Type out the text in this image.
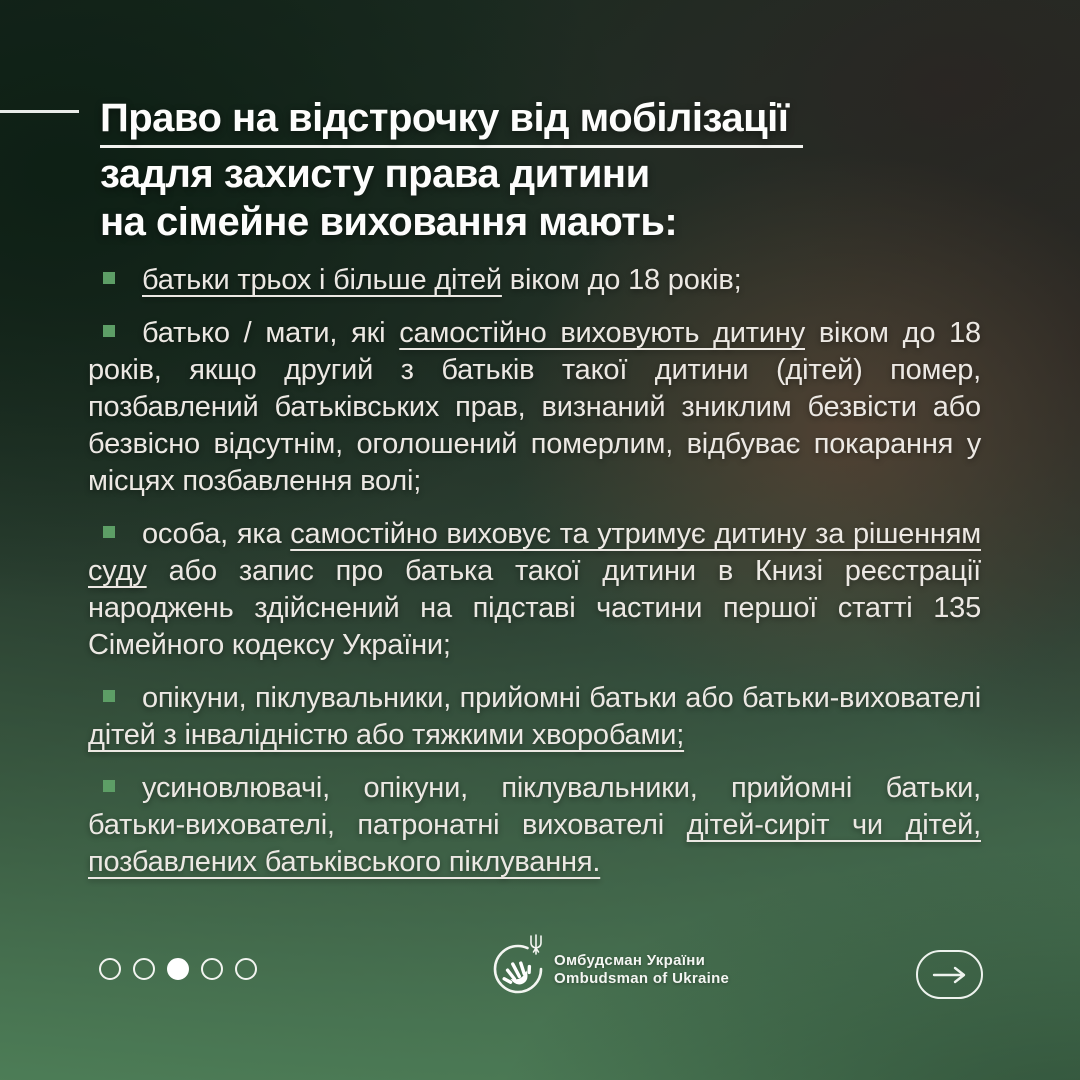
Право на відстрочку від мобілізації
задля захисту права дитини
на сімейне виховання мають:

батьки трьох і більше дітей віком до 18 років;

батько / мати, які самостійно виховують дитину віком до 18 років, якщо другий з батьків такої дитини (дітей) помер, позбавлений батьківських прав, визнаний зниклим безвісти або безвісно відсутнім, оголошений померлим, відбуває покарання у місцях позбавлення волі;

особа, яка самостійно виховує та утримує дитину за рішенням суду або запис про батька такої дитини в Книзі реєстрації народжень здійснений на підставі частини першої статті 135 Сімейного кодексу України;

опікуни, піклувальники, прийомні батьки або батьки-вихователі дітей з інвалідністю або тяжкими хворобами;

усиновлювачі, опікуни, піклувальники, прийомні батьки, батьки-вихователі, патронатні вихователі дітей-сиріт чи дітей, позбавлених батьківського піклування.

Омбудсман України
Ombudsman of Ukraine
